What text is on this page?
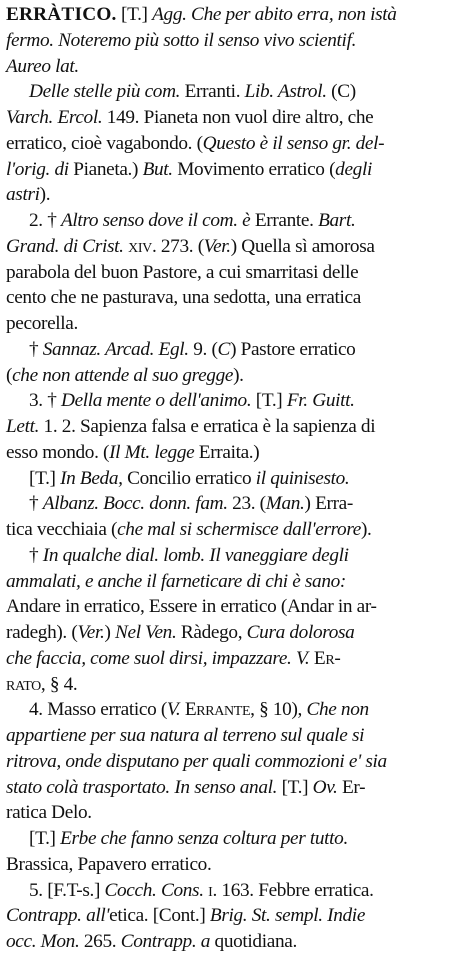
ERRÀTICO. [T.] Agg. Che per abito erra, non istà
fermo. Noteremo più sotto il senso vivo scientif.
Aureo lat.
Delle stelle più com. Erranti. Lib. Astrol. (C)
Varch. Ercol. 149. Pianeta non vuol dire altro, che
erratico, cioè vagabondo. (Questo è il senso gr. del-
l'orig. di Pianeta.) But. Movimento erratico (degli
astri).
2. † Altro senso dove il com. è Errante. Bart.
Grand. di Crist. xiv. 273. (Ver.) Quella sì amorosa
parabola del buon Pastore, a cui smarritasi delle
cento che ne pasturava, una sedotta, una erratica
pecorella.
† Sannaz. Arcad. Egl. 9. (C) Pastore erratico
(che non attende al suo gregge).
3. † Della mente o dell'animo. [T.] Fr. Guitt.
Lett. 1. 2. Sapienza falsa e erratica è la sapienza di
esso mondo. (Il Mt. legge Erraita.)
[T.] In Beda, Concilio erratico il quinisesto.
† Albanz. Bocc. donn. fam. 23. (Man.) Erra-
tica vecchiaia (che mal si schermisce dall'errore).
† In qualche dial. lomb. Il vaneggiare degli
ammalati, e anche il farneticare di chi è sano:
Andare in erratico, Essere in erratico (Andar in ar-
radegh). (Ver.) Nel Ven. Ràdego, Cura dolorosa
che faccia, come suol dirsi, impazzare. V. Er-
rato, § 4.
4. Masso erratico (V. Errante, § 10), Che non
appartiene per sua natura al terreno sul quale si
ritrova, onde disputano per quali commozioni e' sia
stato colà trasportato. In senso anal. [T.] Ov. Er-
ratica Delo.
[T.] Erbe che fanno senza coltura per tutto.
Brassica, Papavero erratico.
5. [F.T-s.] Cocch. Cons. i. 163. Febbre erratica.
Contrapp. all'etica. [Cont.] Brig. St. sempl. Indie
occ. Mon. 265. Contrapp. a quotidiana.
